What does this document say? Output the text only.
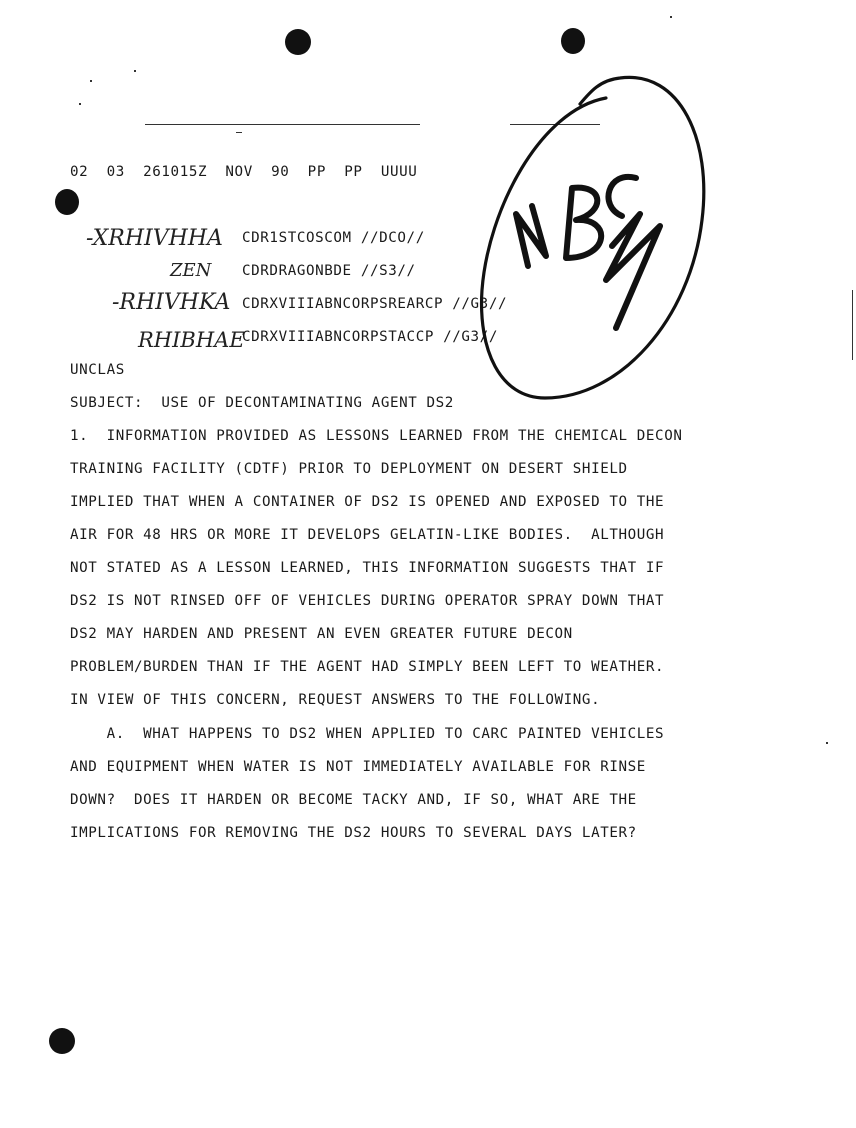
02  03  261015Z  NOV  90  PP  PP  UUUU
-XRHIVHHA CDR1STCOSCOM //DCO//
ZEN CDRDRAGONBDE //S3//
-RHIVHKA CDRXVIIIABNCORPSREARCP //G3//
RHIBHAE
CDRXVIIIABNCORPSTACCP //G3//
UNCLAS
SUBJECT:  USE OF DECONTAMINATING AGENT DS2
1.  INFORMATION PROVIDED AS LESSONS LEARNED FROM THE CHEMICAL DECON
TRAINING FACILITY (CDTF) PRIOR TO DEPLOYMENT ON DESERT SHIELD
IMPLIED THAT WHEN A CONTAINER OF DS2 IS OPENED AND EXPOSED TO THE
AIR FOR 48 HRS OR MORE IT DEVELOPS GELATIN-LIKE BODIES.  ALTHOUGH
NOT STATED AS A LESSON LEARNED, THIS INFORMATION SUGGESTS THAT IF
DS2 IS NOT RINSED OFF OF VEHICLES DURING OPERATOR SPRAY DOWN THAT
DS2 MAY HARDEN AND PRESENT AN EVEN GREATER FUTURE DECON
PROBLEM/BURDEN THAN IF THE AGENT HAD SIMPLY BEEN LEFT TO WEATHER.
IN VIEW OF THIS CONCERN, REQUEST ANSWERS TO THE FOLLOWING.
A.  WHAT HAPPENS TO DS2 WHEN APPLIED TO CARC PAINTED VEHICLES
AND EQUIPMENT WHEN WATER IS NOT IMMEDIATELY AVAILABLE FOR RINSE
DOWN?  DOES IT HARDEN OR BECOME TACKY AND, IF SO, WHAT ARE THE
IMPLICATIONS FOR REMOVING THE DS2 HOURS TO SEVERAL DAYS LATER?
